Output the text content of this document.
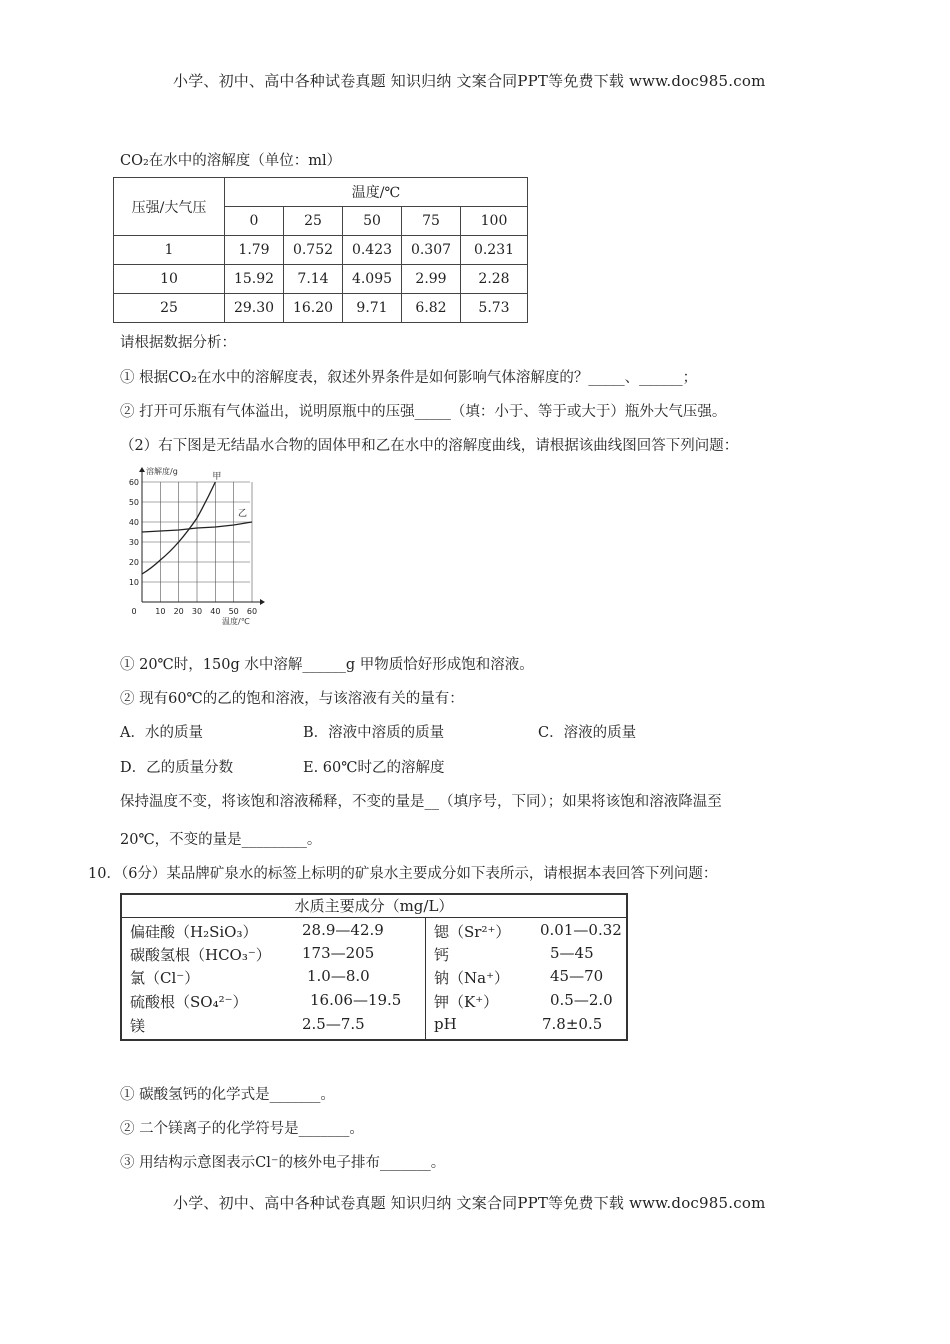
小学、初中、高中各种试卷真题 知识归纳 文案合同PPT等免费下载 www.doc985.com
CO₂在水中的溶解度（单位：ml）
压强/大气压	温度/℃				
	0	25	50	75	100
1	1.79	0.752	0.423	0.307	0.231
10	15.92	7.14	4.095	2.99	2.28
25	29.30	16.20	9.71	6.82	5.73
请根据数据分析：
① 根据CO₂在水中的溶解度表，叙述外界条件是如何影响气体溶解度的？_____、______；
② 打开可乐瓶有气体溢出，说明原瓶中的压强_____（填：小于、等于或大于）瓶外大气压强。
（2）右下图是无结晶水合物的固体甲和乙在水中的溶解度曲线，请根据该曲线图回答下列问题：
溶解度/g
温度/℃
10
20
30
40
50
60
0 10 20 30 40 50 60
甲
乙
① 20℃时，150g 水中溶解______g 甲物质恰好形成饱和溶液。
② 现有60℃的乙的饱和溶液，与该溶液有关的量有：
A．水的质量	B．溶液中溶质的质量	C．溶液的质量
D．乙的质量分数	E. 60℃时乙的溶解度
保持温度不变，将该饱和溶液稀释，不变的量是__（填序号，下同）；如果将该饱和溶液降温至
20℃，不变的量是_________。
10．（6分）某品牌矿泉水的标签上标明的矿泉水主要成分如下表所示，请根据本表回答下列问题：
水质主要成分（mg/L）
偏硅酸（H₂SiO₃）	28.9—42.9
碳酸氢根（HCO₃⁻） 173—205
氯（Cl⁻）	1.0—8.0
硫酸根（SO₄²⁻）	16.06—19.5
镁	2.5—7.5
锶（Sr²⁺） 0.01—0.32
钙	5—45
钠（Na⁺）	45—70
钾（K⁺）	0.5—2.0
pH	7.8±0.5
① 碳酸氢钙的化学式是_______。
② 二个镁离子的化学符号是_______。
③ 用结构示意图表示Cl⁻的核外电子排布_______。
小学、初中、高中各种试卷真题 知识归纳 文案合同PPT等免费下载 www.doc985.com
